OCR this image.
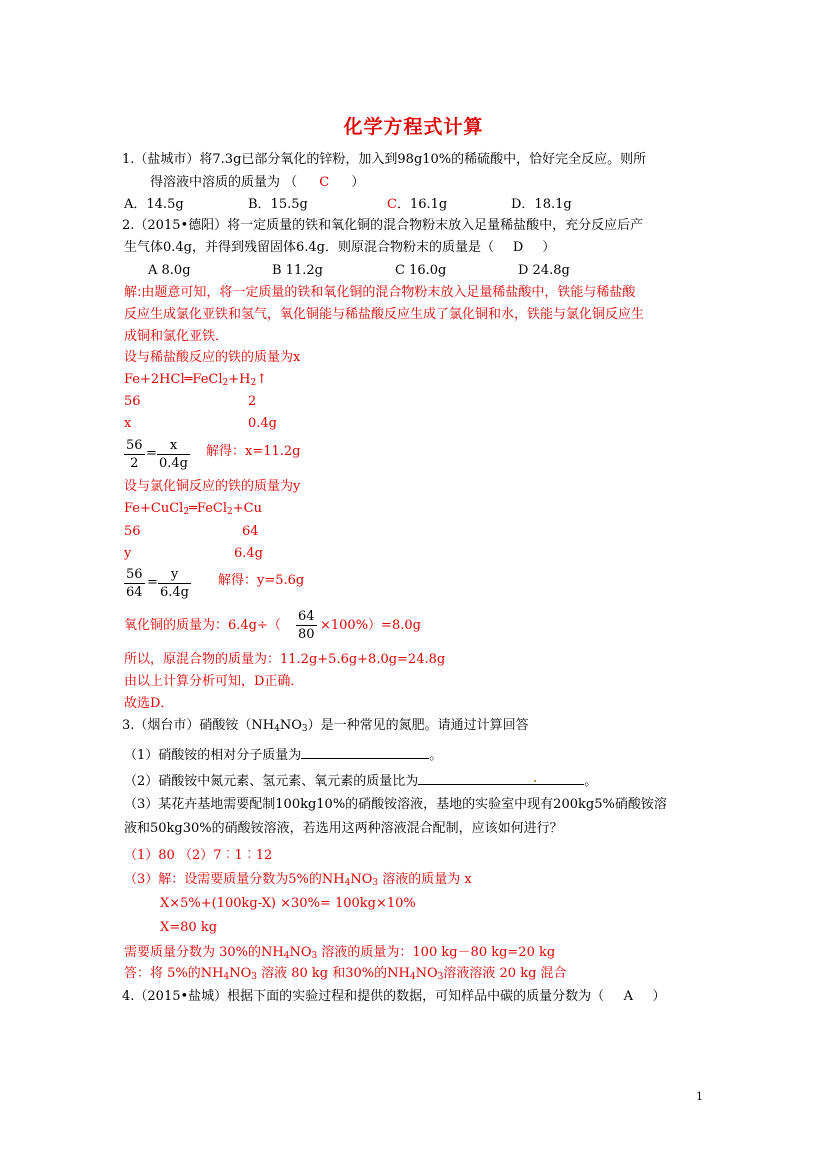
化学方程式计算
1.（盐城市）将7.3g已部分氧化的锌粉，加入到98g10%的稀硫酸中，恰好完全反应。则所
得溶液中溶质的质量为 （ C ）
A．14.5g	B．15.5g	C．16.1g	D．18.1g
2.（2015•德阳）将一定质量的铁和氧化铜的混合物粉末放入足量稀盐酸中，充分反应后产
生气体0.4g，并得到残留固体6.4g．则原混合物粉末的质量是（ D ）
A 8.0g	B 11.2g	C 16.0g	D 24.8g
解:由题意可知，将一定质量的铁和氧化铜的混合物粉末放入足量稀盐酸中，铁能与稀盐酸
反应生成氯化亚铁和氢气，氧化铜能与稀盐酸反应生成了氯化铜和水，铁能与氯化铜反应生
成铜和氯化亚铁．
设与稀盐酸反应的铁的质量为x
$Fe+2HCl═FeCl_2+H_2↑$
56	2
x	0.4g
$\frac{56}{2} = \frac{x}{0.4g}$ 解得：x=11.2g
设与氯化铜反应的铁的质量为y
Fe+CuCl$_2$═FeCl$_2$+Cu
56	64
y	6.4g
$\frac{56}{64} = \frac{y}{6.4g}$ 解得：y=5.6g
氧化铜的质量为：$6.4g\div( \frac{64}{80} \times 100\%)=8.0g$
所以，原混合物的质量为：11.2g+5.6g+8.0g=24.8g
由以上计算分析可知，D正确．
故选D．
3.（烟台市）硝酸铵$(NH_4NO_3)$是一种常见的氮肥。请通过计算回答
（1）硝酸铵的相对分子质量为	。
（2）硝酸铵中氮元素、氢元素、氧元素的质量比为	。
（3）某花卉基地需要配制100kg10%的硝酸铵溶液，基地的实验室中现有200kg5%硝酸铵溶
液和50kg30%的硝酸铵溶液，若选用这两种溶液混合配制，应该如何进行？
（1）80 （2）7︰1︰12
（3）解：设需要质量分数为5%的$NH_4NO_3$ 溶液的质量为 x
X×5%+(100kg-X) ×30%= 100kg×10%
X=80 kg
需要质量分数为 30%的$NH_4NO_3$ 溶液的质量为：100 kg－80 kg=20 kg
答：将 5%的$NH_4NO_3$ 溶液 80 kg 和30%的$NH_4NO_3$溶液溶液 20 kg 混合
4.（2015•盐城）根据下面的实验过程和提供的数据，可知样品中碳的质量分数为（ A ）
1
